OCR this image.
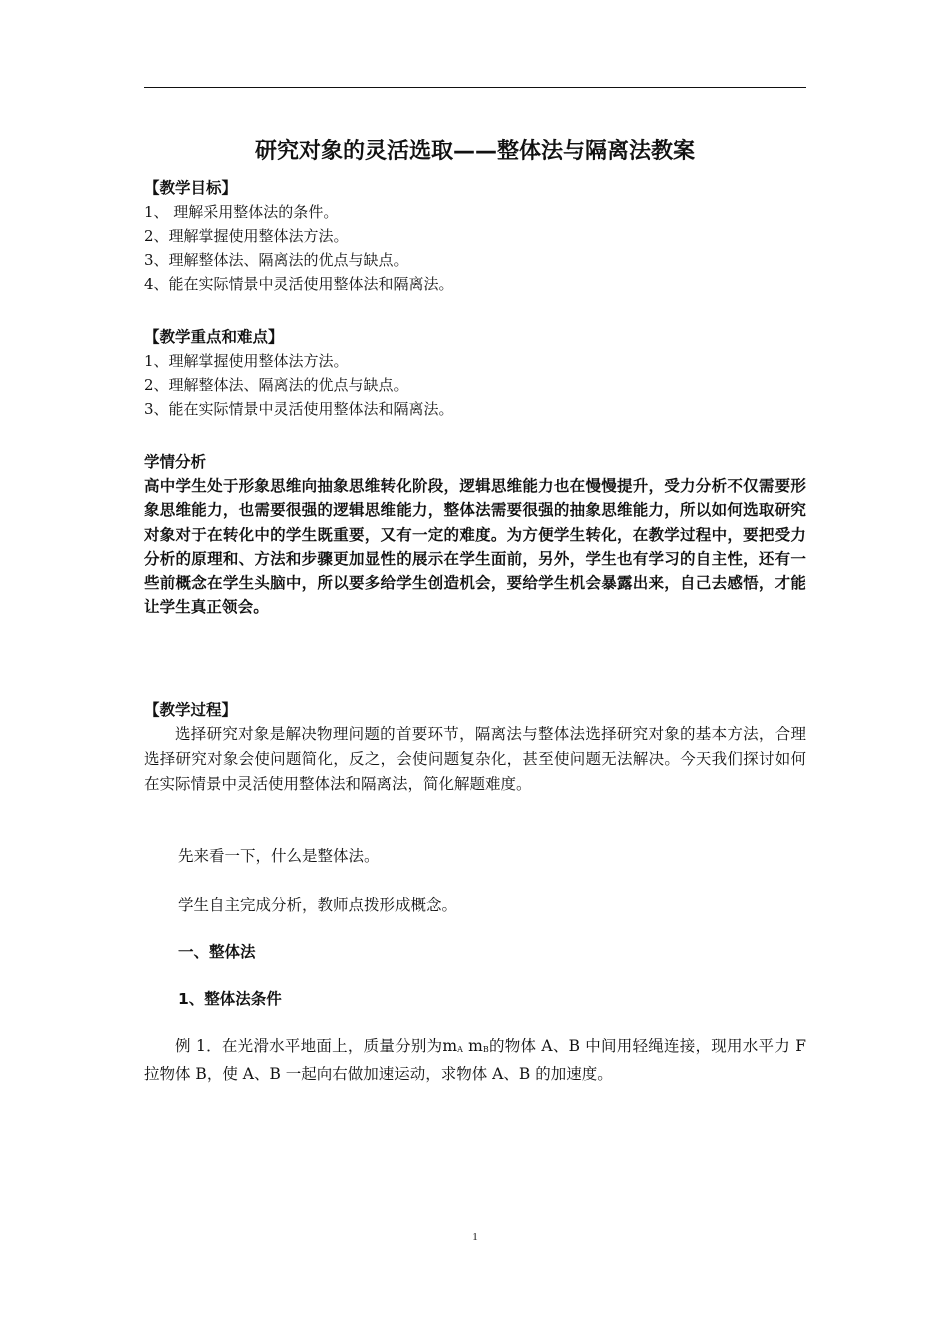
研究对象的灵活选取——整体法与隔离法教案
【教学目标】
1、 理解采用整体法的条件。
2、理解掌握使用整体法方法。
3、理解整体法、隔离法的优点与缺点。
4、能在实际情景中灵活使用整体法和隔离法。
【教学重点和难点】
1、理解掌握使用整体法方法。
2、理解整体法、隔离法的优点与缺点。
3、能在实际情景中灵活使用整体法和隔离法。
学情分析

高中学生处于形象思维向抽象思维转化阶段，逻辑思维能力也在慢慢提升，受力分析不仅需要形象思维能力，也需要很强的逻辑思维能力，整体法需要很强的抽象思维能力，所以如何选取研究对象对于在转化中的学生既重要，又有一定的难度。为方便学生转化，在教学过程中，要把受力分析的原理和、方法和步骤更加显性的展示在学生面前，另外，学生也有学习的自主性，还有一些前概念在学生头脑中，所以要多给学生创造机会，要给学生机会暴露出来，自己去感悟，才能让学生真正领会。

【教学过程】

选择研究对象是解决物理问题的首要环节，隔离法与整体法选择研究对象的基本方法，合理选择研究对象会使问题简化，反之，会使问题复杂化，甚至使问题无法解决。今天我们探讨如何在实际情景中灵活使用整体法和隔离法，简化解题难度。

先来看一下，什么是整体法。
学生自主完成分析，教师点拨形成概念。
一、整体法
1、整体法条件

例 1．在光滑水平地面上，质量分别为$m_A$ $m_B$的物体 A、B 中间用轻绳连接，现用水平力 F 拉物体 B，使 A、B 一起向右做加速运动，求物体 A、B 的加速度。

1
